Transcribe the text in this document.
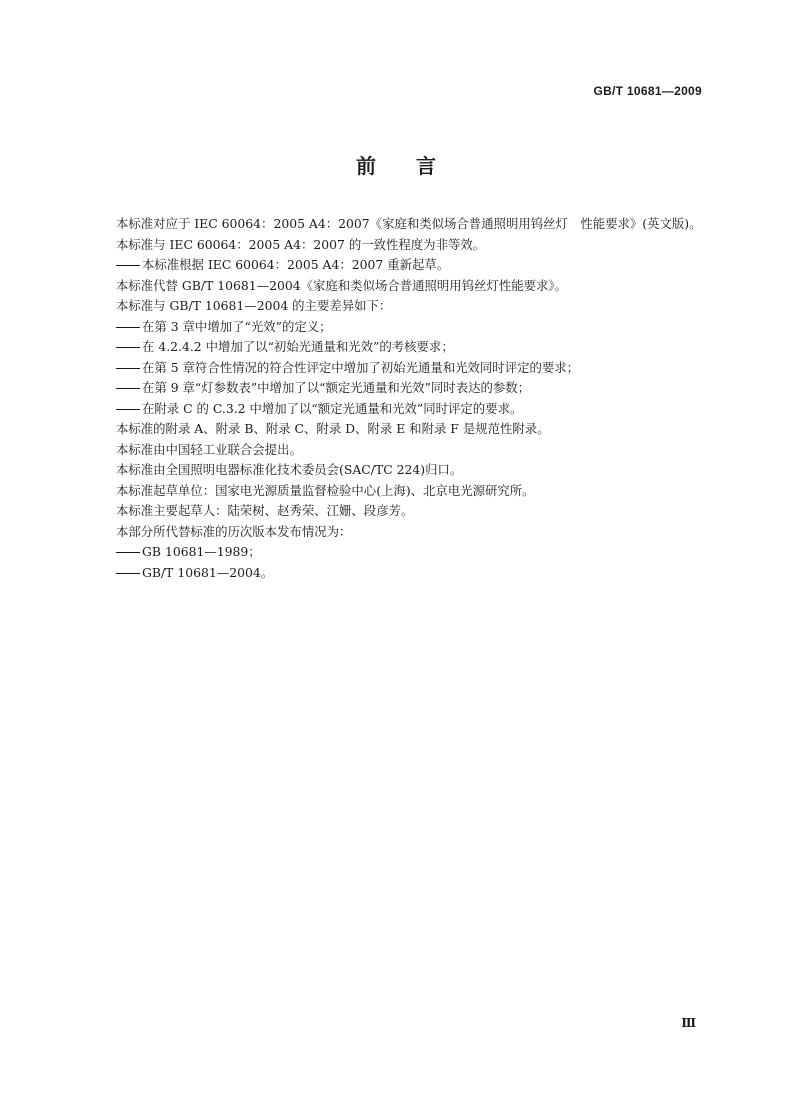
GB/T 10681—2009
前言

本标准对应于 IEC 60064：2005 A4：2007《家庭和类似场合普通照明用钨丝灯　性能要求》(英文版)。

本标准与 IEC 60064：2005 A4：2007 的一致性程度为非等效。

本标准根据 IEC 60064：2005 A4：2007 重新起草。

本标准代替 GB/T 10681—2004《家庭和类似场合普通照明用钨丝灯性能要求》。

本标准与 GB/T 10681—2004 的主要差异如下：

在第 3 章中增加了“光效”的定义；

在 4.2.4.2 中增加了以“初始光通量和光效”的考核要求；

在第 5 章符合性情况的符合性评定中增加了初始光通量和光效同时评定的要求；

在第 9 章“灯参数表”中增加了以“额定光通量和光效”同时表达的参数；

在附录 C 的 C.3.2 中增加了以“额定光通量和光效”同时评定的要求。

本标准的附录 A、附录 B、附录 C、附录 D、附录 E 和附录 F 是规范性附录。

本标准由中国轻工业联合会提出。

本标准由全国照明电器标准化技术委员会(SAC/TC 224)归口。

本标准起草单位：国家电光源质量监督检验中心(上海)、北京电光源研究所。

本标准主要起草人：陆荣树、赵秀荣、江姗、段彦芳。

本部分所代替标准的历次版本发布情况为：

GB 10681—1989；

GB/T 10681—2004。

Ⅲ
